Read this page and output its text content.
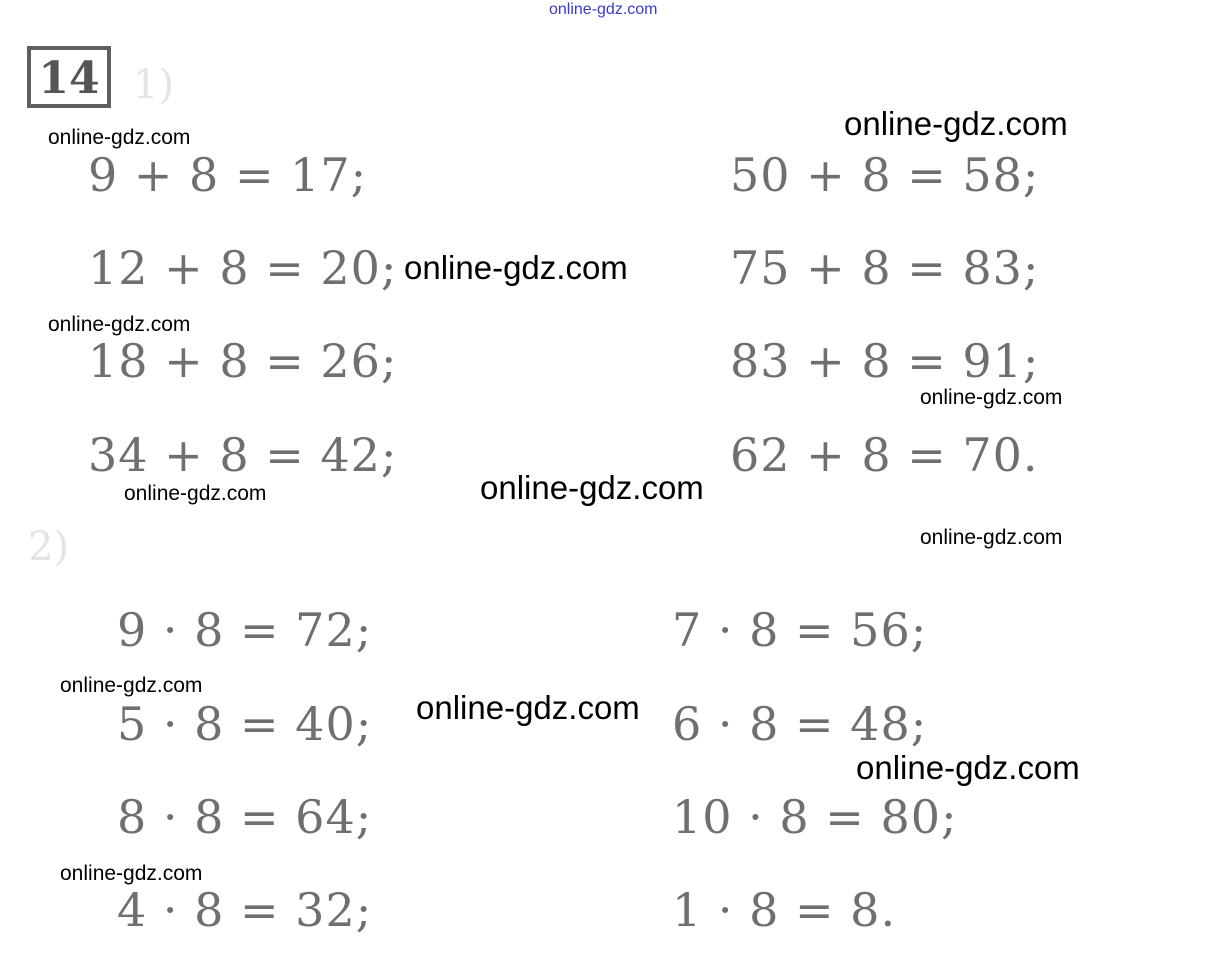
online-gdz.com
14 1)
2)
9 + 8 = 17;
12 + 8 = 20;
18 + 8 = 26;
34 + 8 = 42;
50 + 8 = 58;
75 + 8 = 83;
83 + 8 = 91;
62 + 8 = 70.
9 · 8 = 72;
5 · 8 = 40;
8 · 8 = 64;
4 · 8 = 32;
7 · 8 = 56;
6 · 8 = 48;
10 · 8 = 80;
1 · 8 = 8.
online-gdz.com	online-gdz.com
online-gdz.com
online-gdz.com
online-gdz.com
online-gdz.com	online-gdz.com
online-gdz.com
online-gdz.com
online-gdz.com
online-gdz.com
online-gdz.com
